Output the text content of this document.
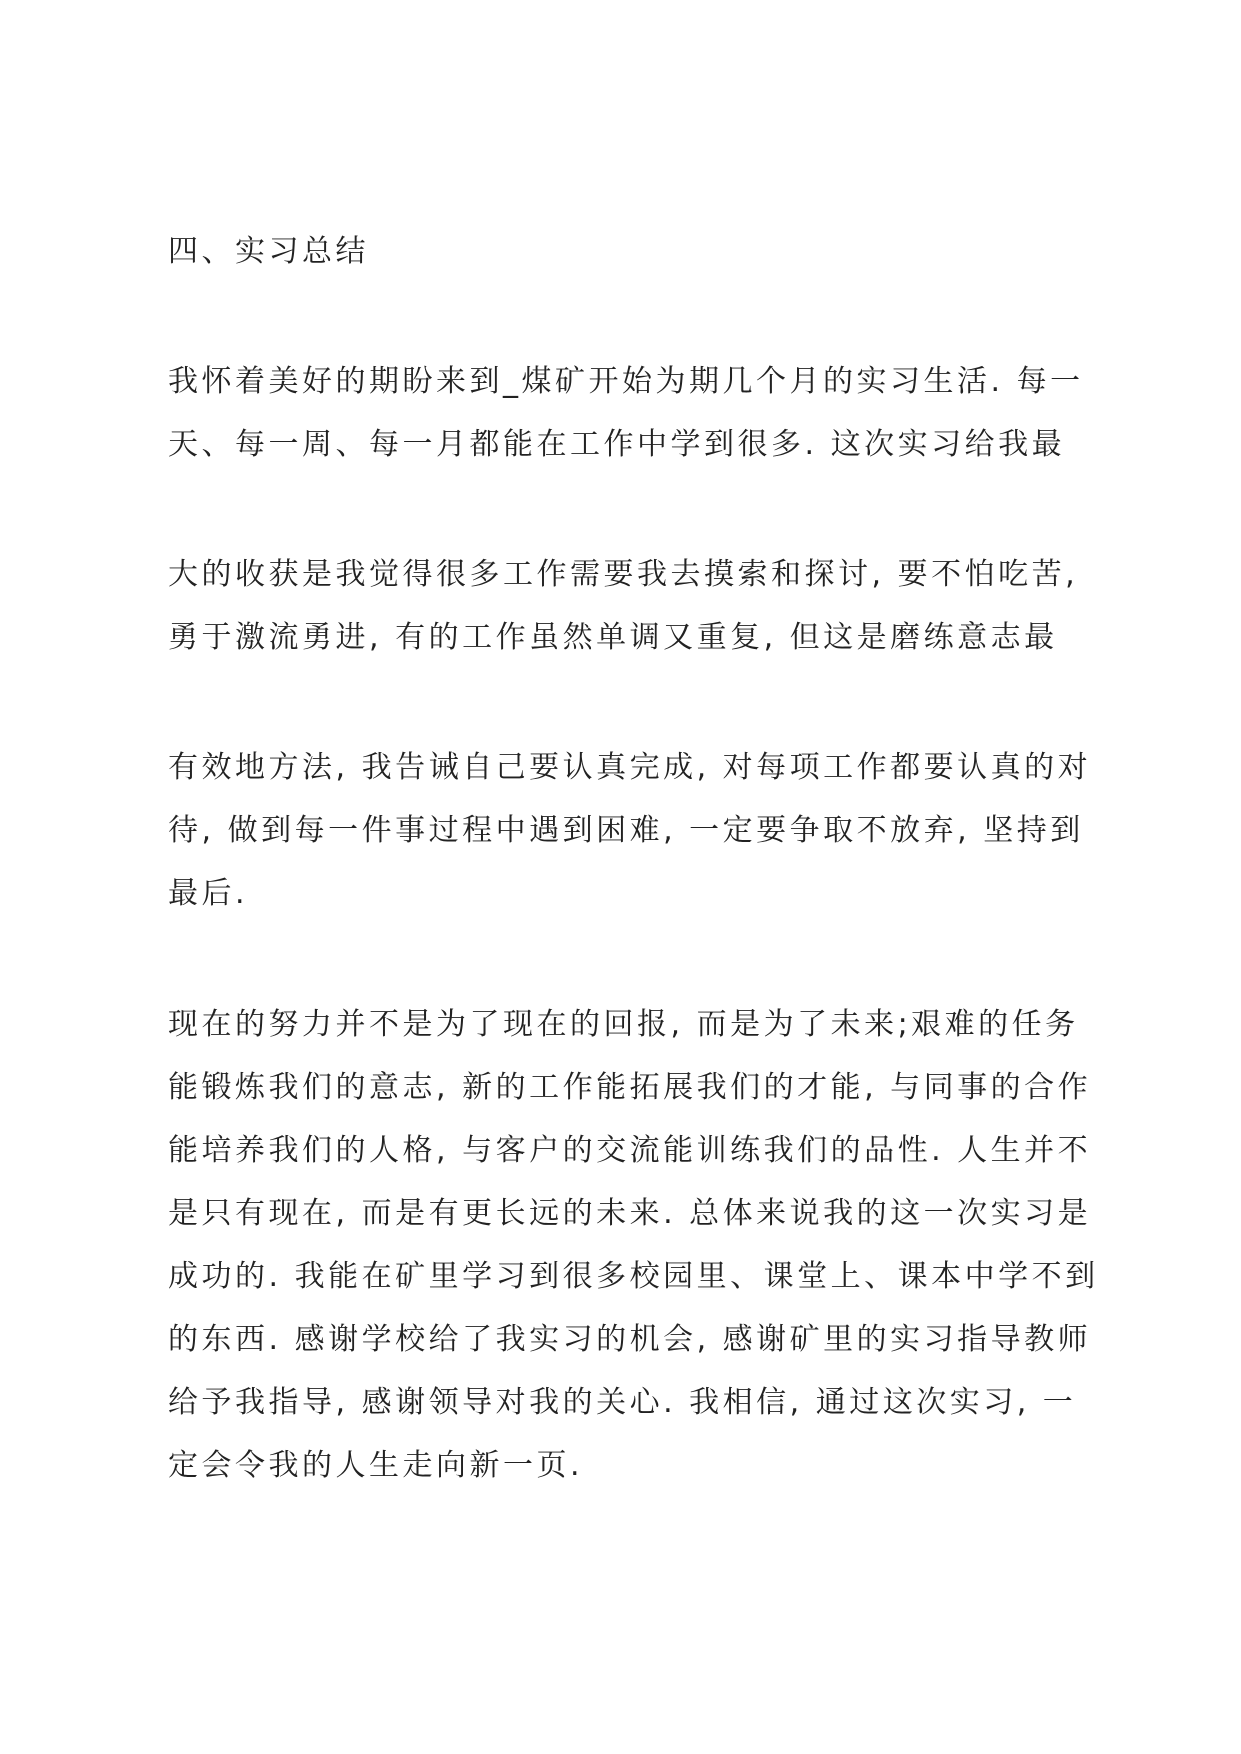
四、实习总结
我怀着美好的期盼来到_煤矿开始为期几个月的实习生活. 每一
天、每一周、每一月都能在工作中学到很多. 这次实习给我最
大的收获是我觉得很多工作需要我去摸索和探讨, 要不怕吃苦,
勇于激流勇进, 有的工作虽然单调又重复, 但这是磨练意志最
有效地方法, 我告诫自己要认真完成, 对每项工作都要认真的对
待, 做到每一件事过程中遇到困难, 一定要争取不放弃, 坚持到
最后.
现在的努力并不是为了现在的回报, 而是为了未来;艰难的任务
能锻炼我们的意志, 新的工作能拓展我们的才能, 与同事的合作
能培养我们的人格, 与客户的交流能训练我们的品性. 人生并不
是只有现在, 而是有更长远的未来. 总体来说我的这一次实习是
成功的. 我能在矿里学习到很多校园里、课堂上、课本中学不到
的东西. 感谢学校给了我实习的机会, 感谢矿里的实习指导教师
给予我指导, 感谢领导对我的关心. 我相信, 通过这次实习, 一
定会令我的人生走向新一页.
